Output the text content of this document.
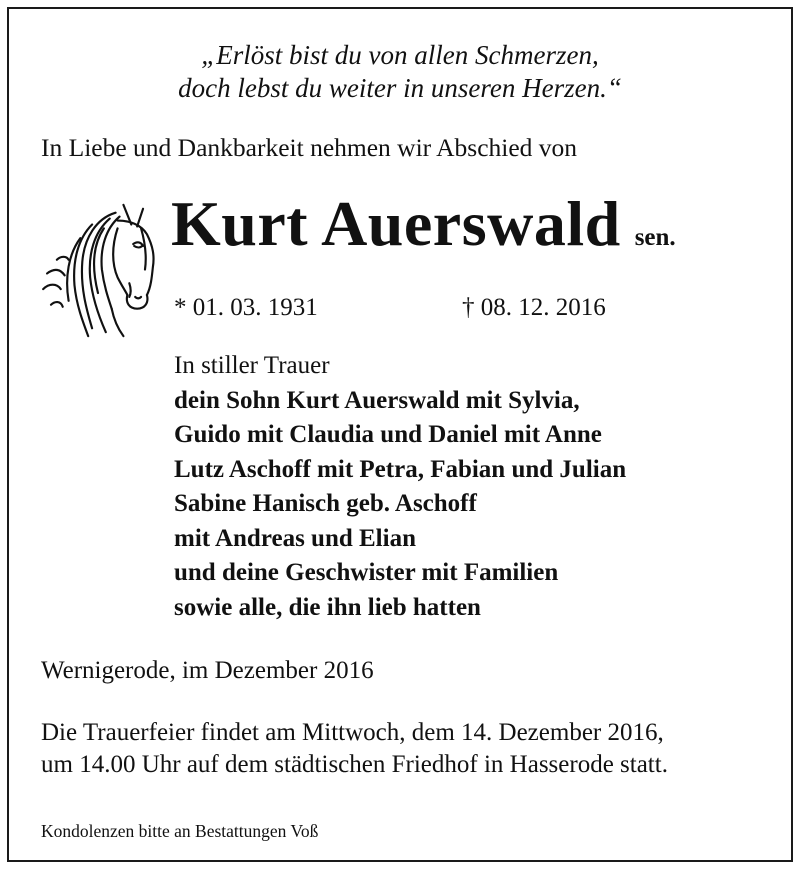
„Erlöst bist du von allen Schmerzen,
doch lebst du weiter in unseren Herzen.“
In Liebe und Dankbarkeit nehmen wir Abschied von
Kurt Auerswald sen.
* 01. 03. 1931	† 08. 12. 2016
In stiller Trauer
dein Sohn Kurt Auerswald mit Sylvia,
Guido mit Claudia und Daniel mit Anne
Lutz Aschoff mit Petra, Fabian und Julian
Sabine Hanisch geb. Aschoff
mit Andreas und Elian
und deine Geschwister mit Familien
sowie alle, die ihn lieb hatten
Wernigerode, im Dezember 2016
Die Trauerfeier findet am Mittwoch, dem 14. Dezember 2016,
um 14.00 Uhr auf dem städtischen Friedhof in Hasserode statt.
Kondolenzen bitte an Bestattungen Voß
